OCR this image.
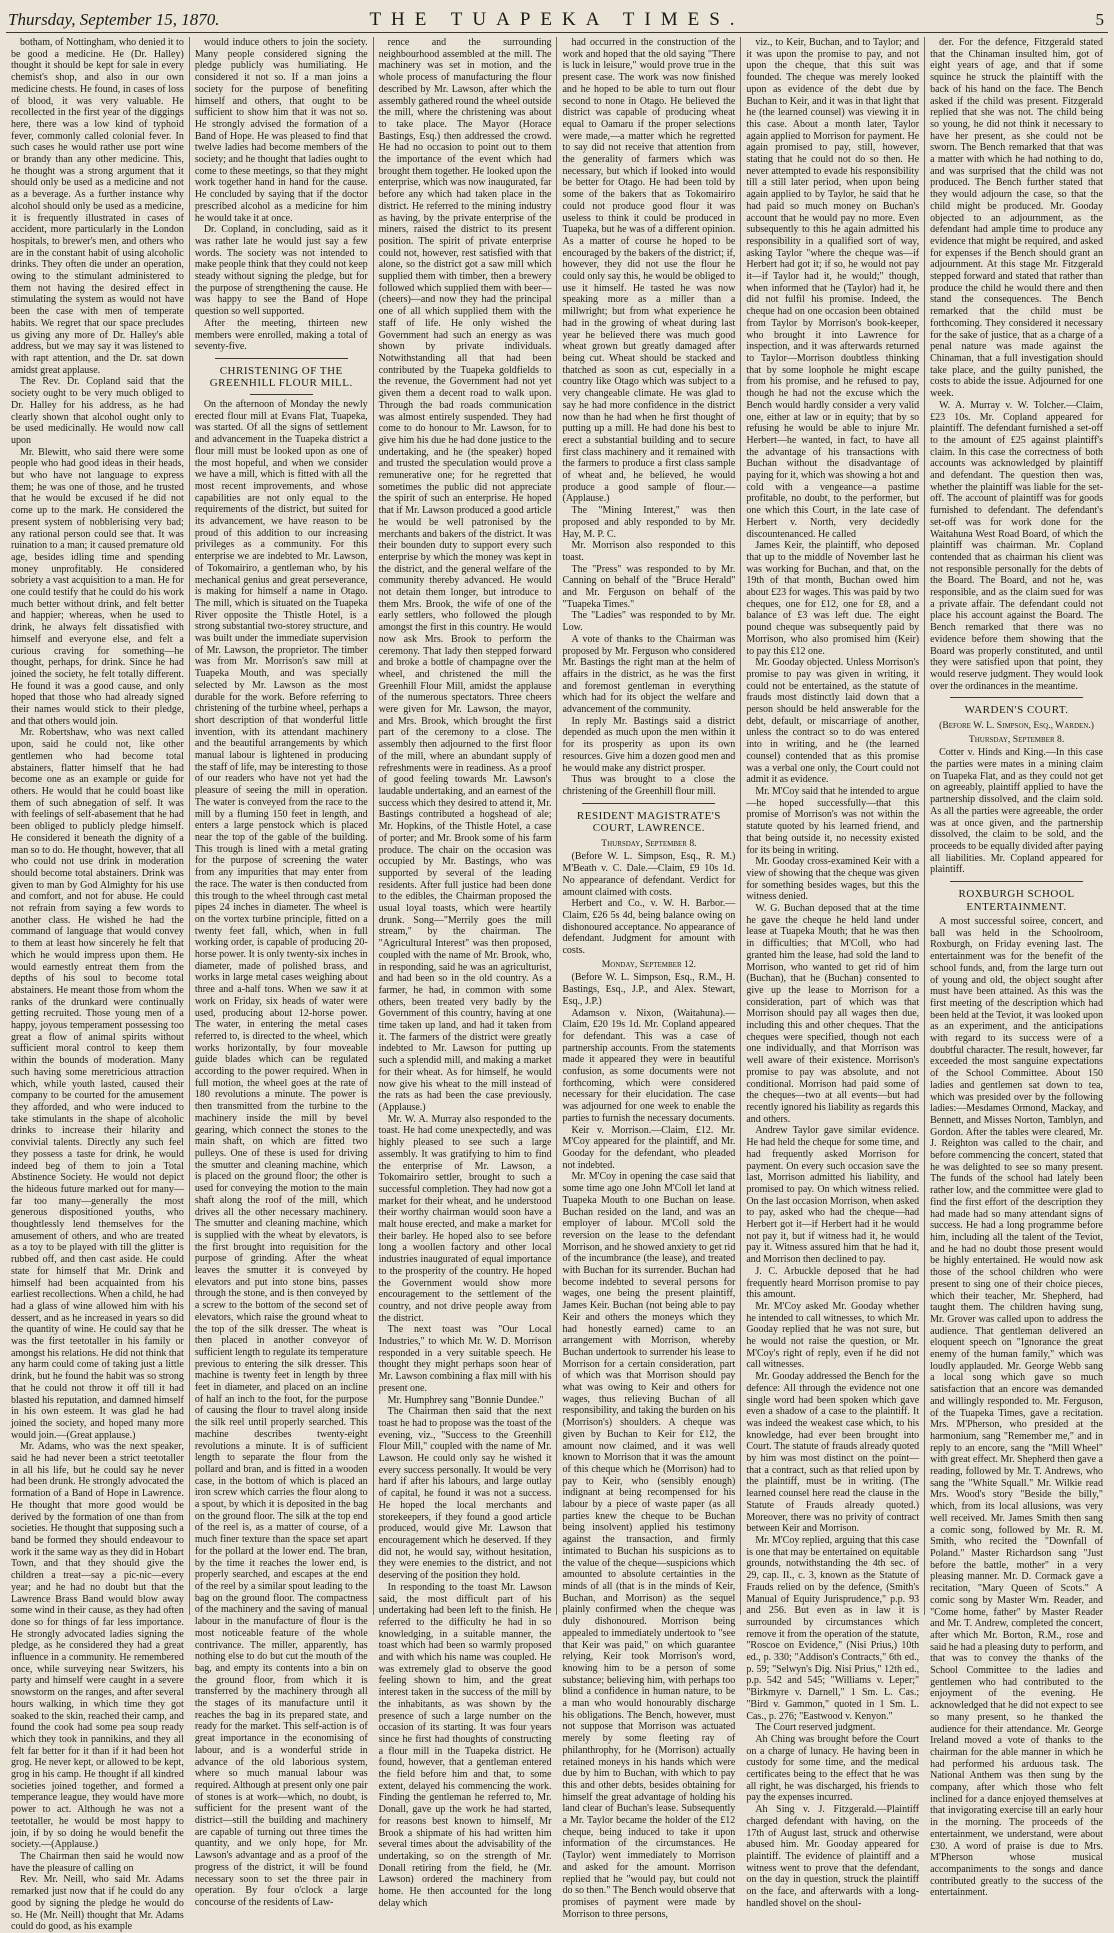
Thursday, September 15, 1870.	THE TUAPEKA TIMES.	5

botham, of Nottingham, who denied it to be good a medicine. He (Dr. Halley) thought it should be kept for sale in every chemist's shop, and also in our own medicine chests. He found, in cases of loss of blood, it was very valuable. He recollected in the first year of the diggings here, there was a low kind of typhoid fever, commonly called colonial fever. In such cases he would rather use port wine or brandy than any other medicine. This, he thought was a strong argument that it should only be used as a medicine and not as a beverage. As a further instance why alcohol should only be used as a medicine, it is frequently illustrated in cases of accident, more particularly in the London hospitals, to brewer's men, and others who are in the constant habit of using alcoholic drinks. They often die under an operation, owing to the stimulant administered to them not having the desired effect in stimulating the system as would not have been the case with men of temperate habits. We regret that our space precludes us giving any more of Dr. Halley's able address, but we may say it was listened to with rapt attention, and the Dr. sat down amidst great applause.

The Rev. Dr. Copland said that the society ought to be very much obliged to Dr. Halley for his address, as he had clearly shown that alcohol ought only to be used medicinally. He would now call upon

Mr. Blewitt, who said there were some people who had good ideas in their heads, but who have not language to express them; he was one of those, and he trusted that he would be excused if he did not come up to the mark. He considered the present system of nobblerising very bad; any rational person could see that. It was ruination to a man; it caused premature old age, besides idling time and spending money unprofitably. He considered sobriety a vast acquisition to a man. He for one could testify that he could do his work much better without drink, and felt better and happier; whereas, when he used to drink, he always felt dissatisfied with himself and everyone else, and felt a curious craving for something—he thought, perhaps, for drink. Since he had joined the society, he felt totally different. He found it was a good cause, and only hoped that those who had already signed their names would stick to their pledge, and that others would join.

Mr. Robertshaw, who was next called upon, said he could not, like other gentlemen who had become total abstainers, flatter himself that he had become one as an example or guide for others. He would that he could boast like them of such abnegation of self. It was with feelings of self-abasement that he had been obliged to publicly pledge himself. He considered it beneath the dignity of a man so to do. He thought, however, that all who could not use drink in moderation should become total abstainers. Drink was given to man by God Almighty for his use and comfort, and not for abuse. He could not refrain from saying a few words to another class. He wished he had the command of language that would convey to them at least how sincerely he felt that which he would impress upon them. He would earnestly entreat them from the depths of his soul to become total abstainers. He meant those from whom the ranks of the drunkard were continually getting recruited. Those young men of a happy, joyous temperament possessing too great a flow of animal spirits without sufficient moral control to keep them within the bounds of moderation. Many such having some meretricious attraction which, while youth lasted, caused their company to be courted for the amusement they afforded, and who were induced to take stimulants in the shape of alcoholic drinks to increase their hilarity and convivial talents. Directly any such feel they possess a taste for drink, he would indeed beg of them to join a Total Abstinence Society. He would not depict the hideous future marked out for many—far too many—generally the most generous dispositioned youths, who thoughtlessly lend themselves for the amusement of others, and who are treated as a toy to be played with till the glitter is rubbed off, and then cast aside. He could state for himself that Mr. Drink and himself had been acquainted from his earliest recollections. When a child, he had had a glass of wine allowed him with his dessert, and as he increased in years so did the quantity of wine. He could say that he was the first teetotaller in his family or amongst his relations. He did not think that any harm could come of taking just a little drink, but he found the habit was so strong that he could not throw it off till it had blasted his reputation, and damned himself in his own esteem. It was glad he had joined the society, and hoped many more would join.—(Great applause.)

Mr. Adams, who was the next speaker, said he had never been a strict teetotaller in all his life, but he could say he never had been drunk. He strongly advocated the formation of a Band of Hope in Lawrence. He thought that more good would be derived by the formation of one than from societies. He thought that supposing such a band be formed they should endeavour to work it the same way as they did in Hobart Town, and that they should give the children a treat—say a pic-nic—every year; and he had no doubt but that the Lawrence Brass Band would blow away some wind in their cause, as they had often done so for things of far less importance. He strongly advocated ladies signing the pledge, as he considered they had a great influence in a community. He remembered once, while surveying near Switzers, his party and himself were caught in a severe snowstorm on the ranges, and after several hours walking, in which time they got soaked to the skin, reached their camp, and found the cook had some pea soup ready which they took in pannikins, and they all felt far better for it than if it had been hot grog. He never kept, or allowed to be kept, grog in his camp. He thought if all kindred societies joined together, and formed a temperance league, they would have more power to act. Although he was not a teetotaller, he would be most happy to join, if by so doing he would benefit the society.—(Applause.)

The Chairman then said he would now have the pleasure of calling on

Rev. Mr. Neill, who said Mr. Adams remarked just now that if he could do any good by signing the pledge he would do so. He (Mr. Neill) thought that Mr. Adams could do good, as his example

would induce others to join the society. Many people considered signing the pledge publicly was humiliating. He considered it not so. If a man joins a society for the purpose of benefiting himself and others, that ought to be sufficient to show him that it was not so. He strongly advised the formation of a Band of Hope. He was pleased to find that twelve ladies had become members of the society; and he thought that ladies ought to come to these meetings, so that they might work together hand in hand for the cause. He concluded by saying that if the doctor prescribed alcohol as a medicine for him he would take it at once.

Dr. Copland, in concluding, said as it was rather late he would just say a few words. The society was not intended to make people think that they could not keep steady without signing the pledge, but for the purpose of strengthening the cause. He was happy to see the Band of Hope question so well supported.

After the meeting, thirteen new members were enrolled, making a total of seventy-five.

CHRISTENING OF THE GREENHILL FLOUR MILL.

On the afternoon of Monday the newly erected flour mill at Evans Flat, Tuapeka, was started. Of all the signs of settlement and advancement in the Tuapeka district a flour mill must be looked upon as one of the most hopeful, and when we consider we have a mill, which is fitted with all the most recent improvements, and whose capabilities are not only equal to the requirements of the district, but suited for its advancement, we have reason to be proud of this addition to our increasing privileges as a community. For this enterprise we are indebted to Mr. Lawson, of Tokomairiro, a gentleman who, by his mechanical genius and great perseverance, is making for himself a name in Otago. The mill, which is situated on the Tuapeka River opposite the Thistle Hotel, is a strong substantial two-storey structure, and was built under the immediate supervision of Mr. Lawson, the proprietor. The timber was from Mr. Morrison's saw mill at Tuapeka Mouth, and was specially selected by Mr. Lawson as the most durable for the work. Before referring to christening of the turbine wheel, perhaps a short description of that wonderful little invention, with its attendant machinery and the beautiful arrangements by which manual labour is lightened in producing the staff of life, may be interesting to those of our readers who have not yet had the pleasure of seeing the mill in operation. The water is conveyed from the race to the mill by a fluming 150 feet in length, and enters a large penstock which is placed near the top of the gable of the building. This trough is lined with a metal grating for the purpose of screening the water from any impurities that may enter from the race. The water is then conducted from this trough to the wheel through cast metal pipes 24 inches in diameter. The wheel is on the vortex turbine principle, fitted on a twenty feet fall, which, when in full working order, is capable of producing 20-horse power. It is only twenty-six inches in diameter, made of polished brass, and works in large metal cases weighing about three and a-half tons. When we saw it at work on Friday, six heads of water were used, producing about 12-horse power. The water, in entering the metal cases referred to, is directed to the wheel, which works horizontally, by four moveable guide blades which can be regulated according to the power required. When in full motion, the wheel goes at the rate of 180 revolutions a minute. The power is then transmitted from the turbine to the machinery inside the mill by bevel gearing, which connect the stones to the main shaft, on which are fitted two pulleys. One of these is used for driving the smutter and cleaning machine, which is placed on the ground floor; the other is used for conveying the motion to the main shaft along the roof of the mill, which drives all the other necessary machinery. The smutter and cleaning machine, which is supplied with the wheat by elevators, is the first brought into requisition for the purpose of grinding. After the wheat leaves the smutter it is conveyed by elevators and put into stone bins, passes through the stone, and is then conveyed by a screw to the bottom of the second set of elevators, which raise the ground wheat to the top of the silk dresser. The wheat is then placed in another conveyor of sufficient length to regulate its temperature previous to entering the silk dresser. This machine is twenty feet in length by three feet in diameter, and placed on an incline of half an inch to the foot, for the purpose of causing the flour to travel along inside the silk reel until properly searched. This machine describes twenty-eight revolutions a minute. It is of sufficient length to separate the flour from the pollard and bran, and is fitted in a wooden case, in the bottom of which is placed an iron screw which carries the flour along to a spout, by which it is deposited in the bag on the ground floor. The silk at the top end of the reel is, as a matter of course, of a much finer texture than the space set apart for the pollard at the lower end. The bran, by the time it reaches the lower end, is properly searched, and escapes at the end of the reel by a similar spout leading to the bag on the ground floor. The compactness of the machinery and the saving of manual labour in the manufacture of flour is the most noticeable feature of the whole contrivance. The miller, apparently, has nothing else to do but cut the mouth of the bag, and empty its contents into a bin on the ground floor, from which it is transferred by the machinery through all the stages of its manufacture until it reaches the bag in its prepared state, and ready for the market. This self-action is of great importance in the economising of labour, and is a wonderful stride in advance of the old laborious system, where so much manual labour was required. Although at present only one pair of stones is at work—which, no doubt, is sufficient for the present want of the district—still the building and machinery are capable of turning out three times the quantity, and we only hope, for Mr. Lawson's advantage and as a proof of the progress of the district, it will be found necessary soon to set the three pair in operation. By four o'clock a large concourse of the residents of Law-

rence and the surrounding neighbourhood assembled at the mill. The machinery was set in motion, and the whole process of manufacturing the flour described by Mr. Lawson, after which the assembly gathered round the wheel outside the mill, where the christening was about to take place. The Mayor (Horace Bastings, Esq.) then addressed the crowd. He had no occasion to point out to them the importance of the event which had brought them together. He looked upon the enterprise, which was now inaugurated, far before any which had taken place in the district. He referred to the mining industry as having, by the private enterprise of the miners, raised the district to its present position. The spirit of private enterprise could not, however, rest satisfied with that alone, so the district got a saw mill which supplied them with timber, then a brewery followed which supplied them with beer—(cheers)—and now they had the principal one of all which supplied them with the staff of life. He only wished the Government had such an energy as was shown by private individuals. Notwithstanding all that had been contributed by the Tuapeka goldfields to the revenue, the Government had not yet given them a decent road to walk upon. Through the bad roads communication was almost entirely suspended. They had come to do honour to Mr. Lawson, for to give him his due he had done justice to the undertaking, and he (the speaker) hoped and trusted the speculation would prove a remunerative one; for he regretted that sometimes the public did not appreciate the spirit of such an enterprise. He hoped that if Mr. Lawson produced a good article he would be well patronised by the merchants and bakers of the district. It was their bounden duty to support every such enterprise by which the money was kept in the district, and the general welfare of the community thereby advanced. He would not detain them longer, but introduce to them Mrs. Brook, the wife of one of the early settlers, who followed the plough amongst the first in this country. He would now ask Mrs. Brook to perform the ceremony. That lady then stepped forward and broke a bottle of champagne over the wheel, and christened the mill the Greenhill Flour Mill, amidst the applause of the numerous spectators. Three cheers were given for Mr. Lawson, the mayor, and Mrs. Brook, which brought the first part of the ceremony to a close. The assembly then adjourned to the first floor of the mill, where an abundant supply of refreshments were in readiness. As a proof of good feeling towards Mr. Lawson's laudable undertaking, and an earnest of the success which they desired to attend it, Mr. Bastings contributed a hogshead of ale; Mr. Hopkins, of the Thistle Hotel, a case of porter; and Mr. Brook some of his farm produce. The chair on the occasion was occupied by Mr. Bastings, who was supported by several of the leading residents. After full justice had been done to the edibles, the Chairman proposed the usual loyal toasts, which were heartily drunk. Song—"Merrily goes the mill stream," by the chairman. The "Agricultural Interest" was then proposed, coupled with the name of Mr. Brook, who, in responding, said he was an agriculturist, and had been so in the old country. As a farmer, he had, in common with some others, been treated very badly by the Government of this country, having at one time taken up land, and had it taken from it. The farmers of the district were greatly indebted to Mr. Lawson for putting up such a splendid mill, and making a market for their wheat. As for himself, he would now give his wheat to the mill instead of the rats as had been the case previously. (Applause.)

Mr. W. A. Murray also responded to the toast. He had come unexpectedly, and was highly pleased to see such a large assembly. It was gratifying to him to find the enterprise of Mr. Lawson, a Tokomairiro settler, brought to such a successful completion. They had now got a market for their wheat, and he understood their worthy chairman would soon have a malt house erected, and make a market for their barley. He hoped also to see before long a woollen factory and other local industries inaugurated of equal importance to the prosperity of the country. He hoped the Government would show more encouragement to the settlement of the country, and not drive people away from the district.

The next toast was "Our Local Industries," to which Mr. W. D. Morrison responded in a very suitable speech. He thought they might perhaps soon hear of Mr. Lawson combining a flax mill with his present one.

Mr. Humphrey sang "Bonnie Dundee."

The Chairman then said that the next toast he had to propose was the toast of the evening, viz., "Success to the Greenhill Flour Mill," coupled with the name of Mr. Lawson. He could only say he wished it every success personally. It would be very hard if after his labours, and large outlay of capital, he found it was not a success. He hoped the local merchants and storekeepers, if they found a good article produced, would give Mr. Lawson that encouragement which he deserved. If they did not, he would say, without hesitation, they were enemies to the district, and not deserving of the position they hold.

In responding to the toast Mr. Lawson said, the most difficult part of his undertaking had been left to the finish. He referred to the difficulty he had in so knowledging, in a suitable manner, the toast which had been so warmly proposed and with which his name was coupled. He was extremely glad to observe the good feeling shown to him, and the great interest taken in the success of the mill by the inhabitants, as was shown by the presence of such a large number on the occasion of its starting. It was four years since he first had thoughts of constructing a flour mill in the Tuapeka district. He found, however, that a gentleman entered the field before him and that, to some extent, delayed his commencing the work. Finding the gentleman he referred to, Mr. Donall, gave up the work he had started, for reasons best known to himself, Mr Brook a shipmate of his had written him several times about the advisability of the undertaking, so on the strength of Mr. Donall retiring from the field, he (Mr. Lawson) ordered the machinery from home. He then accounted for the long delay which

had occurred in the construction of the work and hoped that the old saying "There is luck in leisure," would prove true in the present case. The work was now finished and he hoped to be able to turn out flour second to none in Otago. He believed the district was capable of producing wheat equal to Oamaru if the proper selections were made,—a matter which he regretted to say did not receive that attention from the generality of farmers which was necessary, but which if looked into would be better for Otago. He had been told by some of the bakers that as Tokomairiro could not produce good flour it was useless to think it could be produced in Tuapeka, but he was of a different opinion. As a matter of course he hoped to be encouraged by the bakers of the district; if, however, they did not use the flour he could only say this, he would be obliged to use it himself. He tasted he was now speaking more as a miller than a millwright; but from what experience he had in the growing of wheat during last year he believed there was much good wheat grown but greatly damaged after being cut. Wheat should be stacked and thatched as soon as cut, especially in a country like Otago which was subject to a very changeable climate. He was glad to say he had more confidence in the district now than he had when he first thought of putting up a mill. He had done his best to erect a substantial building and to secure first class machinery and it remained with the farmers to produce a first class sample of wheat and, he believed, he would produce a good sample of flour.—(Applause.)

The "Mining Interest," was then proposed and ably responded to by Mr. Hay, M. P. C.

Mr. Morrison also responded to this toast.

The "Press" was responded to by Mr. Canning on behalf of the "Bruce Herald" and Mr. Ferguson on behalf of the "Tuapeka Times."

The "Ladies" was responded to by Mr. Low.

A vote of thanks to the Chairman was proposed by Mr. Ferguson who considered Mr. Bastings the right man at the helm of affairs in the district, as he was the first and foremost gentleman in everything which had for its object the welfare and advancement of the community.

In reply Mr. Bastings said a district depended as much upon the men within it for its prosperity as upon its own resources. Give him a dozen good men and he would make any district prosper.

Thus was brought to a close the christening of the Greenhill flour mill.

RESIDENT MAGISTRATE'S COURT, LAWRENCE.
Thursday, September 8.

(Before W. L. Simpson, Esq., R. M.) M'Beath v. C. Dale.—Claim, £9 10s 1d. No appearance of defendant. Verdict for amount claimed with costs.

Herbert and Co., v. W. H. Barbor.—Claim, £26 5s 4d, being balance owing on dishonoured acceptance. No appearance of defendant. Judgment for amount with costs.

Monday, September 12.

(Before W. L. Simpson, Esq., R.M., H. Bastings, Esq., J.P., and Alex. Stewart, Esq., J.P.)

Adamson v. Nixon, (Waitahuna).—Claim, £20 19s 1d. Mr. Copland appeared for defendant. This was a case of partnership accounts. From the statements made it appeared they were in beautiful confusion, as some documents were not forthcoming, which were considered necessary for their elucidation. The case was adjourned for one week to enable the parties to furnish the necessary documents.

Keir v. Morrison.—Claim, £12. Mr. M'Coy appeared for the plaintiff, and Mr. Gooday for the defendant, who pleaded not indebted.

Mr. M'Coy in opening the case said that some time ago one John M'Coll let land at Tuapeka Mouth to one Buchan on lease. Buchan resided on the land, and was an employer of labour. M'Coll sold the reversion on the lease to the defendant Morrison, and he showed anxiety to get rid of the incumbrance (the lease), and treated with Buchan for its surrender. Buchan had become indebted to several persons for wages, one being the present plaintiff, James Keir. Buchan (not being able to pay Keir and others the moneys which they had honestly earned) came to an arrangement with Morrison, whereby Buchan undertook to surrender his lease to Morrison for a certain consideration, part of which was that Morrison should pay what was owing to Keir and others for wages, thus relieving Buchan of all responsibility, and taking the burden on his (Morrison's) shoulders. A cheque was given by Buchan to Keir for £12, the amount now claimed, and it was well known to Morrison that it was the amount of this cheque which he (Morrison) had to pay to Keir, who (sensibly enough) indignant at being recompensed for his labour by a piece of waste paper (as all parties knew the cheque to be Buchan being insolvent) applied his testimony against the transaction, and firmly intimated to Buchan his suspicions as to the value of the cheque—suspicions which amounted to absolute certainties in the minds of all (that is in the minds of Keir, Buchan, and Morrison) as the sequel plainly confirmed when the cheque was duly dishonoured. Morrison being appealed to immediately undertook to "see that Keir was paid," on which guarantee relying, Keir took Morrison's word, knowing him to be a person of some substance; believing him, with perhaps too blind a confidence in human nature, to be a man who would honourably discharge his obligations. The Bench, however, must not suppose that Morrison was actuated merely by some fleeting ray of philanthrophy, for he (Morrison) actually retained moneys in his hands which were due by him to Buchan, with which to pay this and other debts, besides obtaining for himself the great advantage of holding his land clear of Buchan's lease. Subsequently a Mr. Taylor became the holder of the £12 cheque, being induced to take it upon information of the circumstances. He (Taylor) went immediately to Morrison and asked for the amount. Morrison replied that he "would pay, but could not do so then." The Bench would observe that promises of payment were made by Morrison to three persons,

viz., to Keir, Buchan, and to Taylor; and it was upon the promise to pay, and not upon the cheque, that this suit was founded. The cheque was merely looked upon as evidence of the debt due by Buchan to Keir, and it was in that light that he (the learned counsel) was viewing it in this case. About a month later, Taylor again applied to Morrison for payment. He again promised to pay, still, however, stating that he could not do so then. He never attempted to evade his responsibility till a still later period, when upon being again applied to by Taylor, he said that he had paid so much money on Buchan's account that he would pay no more. Even subsequently to this he again admitted his responsibility in a qualified sort of way, asking Taylor "where the cheque was—if Herbert had got it; if so, he would not pay it—if Taylor had it, he would;" though, when informed that he (Taylor) had it, he did not fulfil his promise. Indeed, the cheque had on one occasion been obtained from Taylor by Morrison's book-keeper, who brought it into Lawrence for inspection, and it was afterwards returned to Taylor—Morrison doubtless thinking that by some loophole he might escape from his promise, and he refused to pay, though he had not the excuse which the Bench would hardly consider a very valid one, either at law or in equity; that by so refusing he would be able to injure Mr. Herbert—he wanted, in fact, to have all the advantage of his transactions with Buchan without the disadvantage of paying for it, which was showing a hot and cold with a vengeance—a pastime profitable, no doubt, to the performer, but one which this Court, in the late case of Herbert v. North, very decidedly discountenanced. He called

James Keir, the plaintiff, who deposed that up to the middle of November last he was working for Buchan, and that, on the 19th of that month, Buchan owed him about £23 for wages. This was paid by two cheques, one for £12, one for £8, and a balance of £3 was left due. The eight pound cheque was subsequently paid by Morrison, who also promised him (Keir) to pay this £12 one.

Mr. Gooday objected. Unless Morrison's promise to pay was given in writing, it could not be entertained, as the statute of frauds most distinctly laid down that a person should be held answerable for the debt, default, or miscarriage of another, unless the contract so to do was entered into in writing, and he (the learned counsel) contended that as this promise was a verbal one only, the Court could not admit it as evidence.

Mr. M'Coy said that he intended to argue—he hoped successfully—that this promise of Morrison's was not within the statute quoted by his learned friend, and that being outside it, no necessity existed for its being in writing.

Mr. Gooday cross-examined Keir with a view of showing that the cheque was given for something besides wages, but this the witness denied.

W. G. Buchan deposed that at the time he gave the cheque he held land under lease at Tuapeka Mouth; that he was then in difficulties; that M'Coll, who had granted him the lease, had sold the land to Morrison, who wanted to get rid of him (Buchan), that he (Buchan) consented to give up the lease to Morrison for a consideration, part of which was that Morrison should pay all wages then due, including this and other cheques. That the cheques were specified, though not each one individually, and that Morrison was well aware of their existence. Morrison's promise to pay was absolute, and not conditional. Morrison had paid some of the cheques—two at all events—but had recently ignored his liability as regards this and others.

Andrew Taylor gave similar evidence. He had held the cheque for some time, and had frequently asked Morrison for payment. On every such occasion save the last, Morrison admitted his liability, and promised to pay. On which witness relied. On the last occasion Morrison, when asked to pay, asked who had the cheque—had Herbert got it—if Herbert had it he would not pay it, but if witness had it, he would pay it. Witness assured him that he had it, and Morrison then declined to pay.

J. C. Arbuckle deposed that he had frequently heard Morrison promise to pay this amount.

Mr. M'Coy asked Mr. Gooday whether he intended to call witnesses, to which Mr. Gooday replied that he was not sure, but he would not raise the question, or Mr. M'Coy's right of reply, even if he did not call witnesses.

Mr. Gooday addressed the Bench for the defence: All through the evidence not one single word had been spoken which gave even a shadow of a case to the plaintiff. It was indeed the weakest case which, to his knowledge, had ever been brought into Court. The statute of frauds already quoted by him was most distinct on the point—that a contract, such as that relied upon by the plaintiff, must be in writing. (The learned counsel here read the clause in the Statute of Frauds already quoted.) Moreover, there was no privity of contract between Keir and Morrison.

Mr. M'Coy replied, arguing that this case is one that may be entertained on equitable grounds, notwithstanding the 4th sec. of 29, cap. II., c. 3, known as the Statute of Frauds relied on by the defence, (Smith's Manual of Equity Jurisprudence," p.p. 93 and 256. But even as in law it is surrounded by circumstances which remove it from the operation of the statute, "Roscoe on Evidence," (Nisi Prius,) 10th ed., p. 330; "Addison's Contracts," 6th ed., p. 59; "Selwyn's Dig. Nisi Prius," 12th ed., p.p. 542 and 545; "Williams v. Leper;" "Birkmyre v. Darnell," 1 Sm. L. Cas.; "Bird v. Gammon," quoted in 1 Sm. L. Cas., p. 276; "Eastwood v. Kenyon."

The Court reserved judgment.

Ah Ching was brought before the Court on a charge of lunacy. He having been in custody for some time, and the medical certificates being to the effect that he was all right, he was discharged, his friends to pay the expenses incurred.

Ah Sing v. J. Fitzgerald.—Plaintiff charged defendant with having, on the 17th of August last, struck and otherwise abused him. Mr. Gooday appeared for plaintiff. The evidence of plaintiff and a witness went to prove that the defendant, on the day in question, struck the plaintiff on the face, and afterwards with a long-handled shovel on the shoul-

der. For the defence, Fitzgerald stated that the Chinaman insulted him, got of eight years of age, and that if some squince he struck the plaintiff with the back of his hand on the face. The Bench asked if the child was present. Fitzgerald replied that she was not. The child being so young, he did not think it necessary to have her present, as she could not be sworn. The Bench remarked that that was a matter with which he had nothing to do, and was surprised that the child was not produced. The Bench further stated that they would adjourn the case, so that the child might be produced. Mr. Gooday objected to an adjournment, as the defendant had ample time to produce any evidence that might be required, and asked for expenses if the Bench should grant an adjournment. At this stage Mr. Fitzgerald stepped forward and stated that rather than produce the child he would there and then stand the consequences. The Bench remarked that the child must be forthcoming. They considered it necessary for the sake of justice, that as a charge of a penal nature was made against the Chinaman, that a full investigation should take place, and the guilty punished, the costs to abide the issue. Adjourned for one week.

W. A. Murray v. W. Tolcher.—Claim, £23 10s. Mr. Copland appeared for plaintiff. The defendant furnished a set-off to the amount of £25 against plaintiff's claim. In this case the correctness of both accounts was acknowledged by plaintiff and defendant. The question then was, whether the plaintiff was liable for the set-off. The account of plaintiff was for goods furnished to defendant. The defendant's set-off was for work done for the Waitahuna West Road Board, of which the plaintiff was chairman. Mr. Copland contended that as chairman his client was not responsible personally for the debts of the Board. The Board, and not he, was responsible, and as the claim sued for was a private affair. The defendant could not place his account against the Board. The Bench remarked that there was no evidence before them showing that the Board was properly constituted, and until they were satisfied upon that point, they would reserve judgment. They would look over the ordinances in the meantime.

WARDEN'S COURT.
(Before W. L. Simpson, Esq., Warden.)
Thursday, September 8.

Cotter v. Hinds and King.—In this case the parties were mates in a mining claim on Tuapeka Flat, and as they could not get on agreeably, plaintiff applied to have the partnership dissolved, and the claim sold. As all the parties were agreeable, the order was at once given, and the partnership dissolved, the claim to be sold, and the proceeds to be equally divided after paying all liabilities. Mr. Copland appeared for plaintiff.

ROXBURGH SCHOOL ENTERTAINMENT.

A most successful soiree, concert, and ball was held in the Schoolroom, Roxburgh, on Friday evening last. The entertainment was for the benefit of the school funds, and, from the large turn out of young and old, the object sought after must have been attained. As this was the first meeting of the description which had been held at the Teviot, it was looked upon as an experiment, and the anticipations with regard to its success were of a doubtful character. The result, however, far exceeded the most sanguine expectations of the School Committee. About 150 ladies and gentlemen sat down to tea, which was presided over by the following ladies:—Mesdames Ormond, Mackay, and Bennett, and Misses Norton, Tamblyn, and Gordon. After the tables were cleared, Mr. J. Reighton was called to the chair, and before commencing the concert, stated that he was delighted to see so many present. The funds of the school had lately been rather low, and the committee were glad to find the first effort of the description they had made had so many attendant signs of success. He had a long programme before him, including all the talent of the Teviot, and he had no doubt those present would be highly entertained. He would now ask those of the school children who were present to sing one of their choice pieces, which their teacher, Mr. Shepherd, had taught them. The children having sung, Mr. Grover was called upon to address the audience. That gentleman delivered an eloquent speech on "Ignorance the great enemy of the human family," which was loudly applauded. Mr. George Webb sang a local song which gave so much satisfaction that an encore was demanded and willingly responded to. Mr. Ferguson, of the Tuapeka Times, gave a recitation. Mrs. M'Pherson, who presided at the harmonium, sang "Remember me," and in reply to an encore, sang the "Mill Wheel" with great effect. Mr. Shepherd then gave a reading, followed by Mr. T. Andrews, who sang the "White Squall." Mr. Wilkie read Mrs. Wood's story "Beside the billy," which, from its local allusions, was very well received. Mr. James Smith then sang a comic song, followed by Mr. R. M. Smith, who recited the "Downfall of Poland." Master Richardson sang "Just before the battle, mother" in a very pleasing manner. Mr. D. Cormack gave a recitation, "Mary Queen of Scots." A comic song by Master Wm. Reader, and "Come home, father" by Master Reader and Mr. T. Andrew, completed the concert, after which Mr. Borton, R.M., rose and said he had a pleasing duty to perform, and that was to convey the thanks of the School Committee to the ladies and gentlemen who had contributed to the enjoyment of the evening. He acknowledged that he did not expect to see so many present, so he thanked the audience for their attendance. Mr. George Ireland moved a vote of thanks to the chairman for the able manner in which he had performed his arduous task. The National Anthem was then sung by the company, after which those who felt inclined for a dance enjoyed themselves at that invigorating exercise till an early hour in the morning. The proceeds of the entertainment, we understand, were about £30. A word of praise is due to Mrs. M'Pherson whose musical accompaniments to the songs and dance contributed greatly to the success of the entertainment.
